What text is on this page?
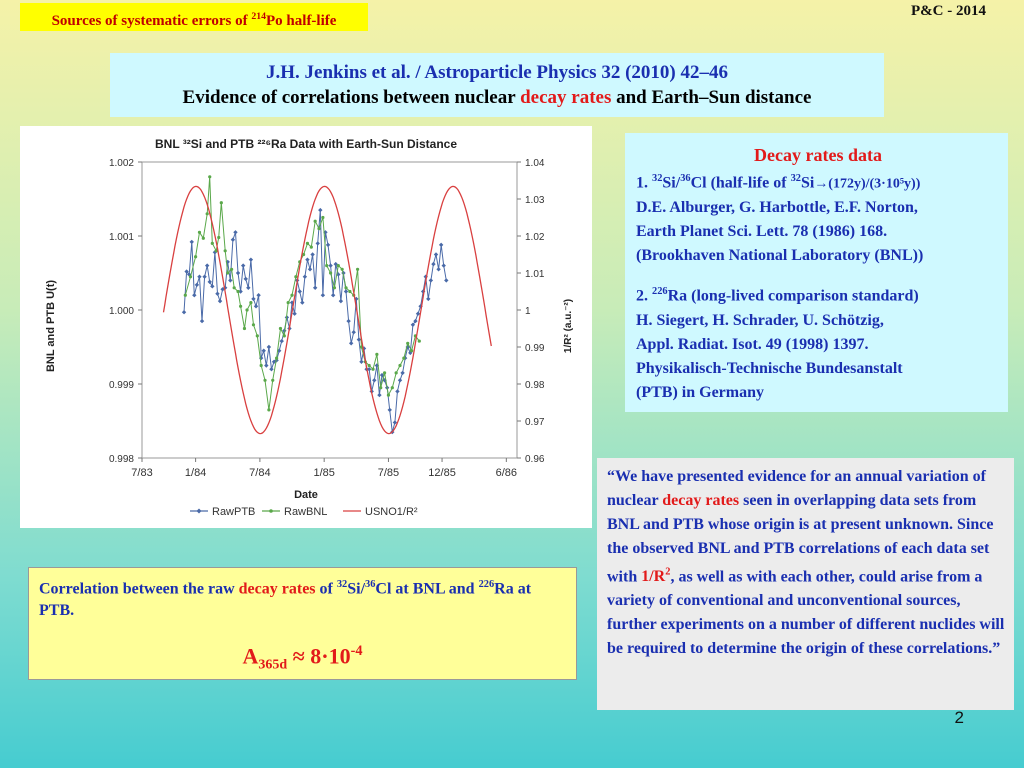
Sources of systematic errors of $^{214}$Po half-life
P&C - 2014
J.H. Jenkins et al. / Astroparticle Physics 32 (2010) 42–46
Evidence of correlations between nuclear decay rates and Earth–Sun distance
BNL ³²Si and PTB ²²⁶Ra Data with Earth-Sun Distance
7/83	1/84	7/84	1/85	7/85	12/85	6/86
0.998
0.999
1.000
1.001
1.002
0.96
0.97
0.98
0.99
1
1.01
1.02
1.03
1.04
Date
BNL and PTB U(t)	1/R² (a.u.⁻²)
RawPTB	RawBNL	USNO1/R²
Decay rates data
1. $^{32}$Si/$^{36}$Cl (half-life of $^{32}$Si→(172y)/(3·10⁵y))
D.E. Alburger, G. Harbottle, E.F. Norton,
Earth Planet Sci. Lett. 78 (1986) 168.
(Brookhaven National Laboratory (BNL))
2. $^{226}$Ra (long-lived comparison standard)
H. Siegert, H. Schrader, U. Schötzig,
Appl. Radiat. Isot. 49 (1998) 1397.
Physikalisch-Technische Bundesanstalt
(PTB) in Germany
“We have presented evidence for an annual variation of nuclear decay rates seen in overlapping data sets from BNL and PTB whose origin is at present unknown. Since the observed BNL and PTB correlations of each data set with $1/R^2$, as well as with each other, could arise from a variety of conventional and unconventional sources, further experiments on a number of different nuclides will be required to determine the origin of these correlations.”
Correlation between the raw decay rates of $^{32}$Si/$^{36}$Cl at BNL and $^{226}$Ra at PTB.
$A_{365d} \approx 8\cdot 10^{-4}$
2
